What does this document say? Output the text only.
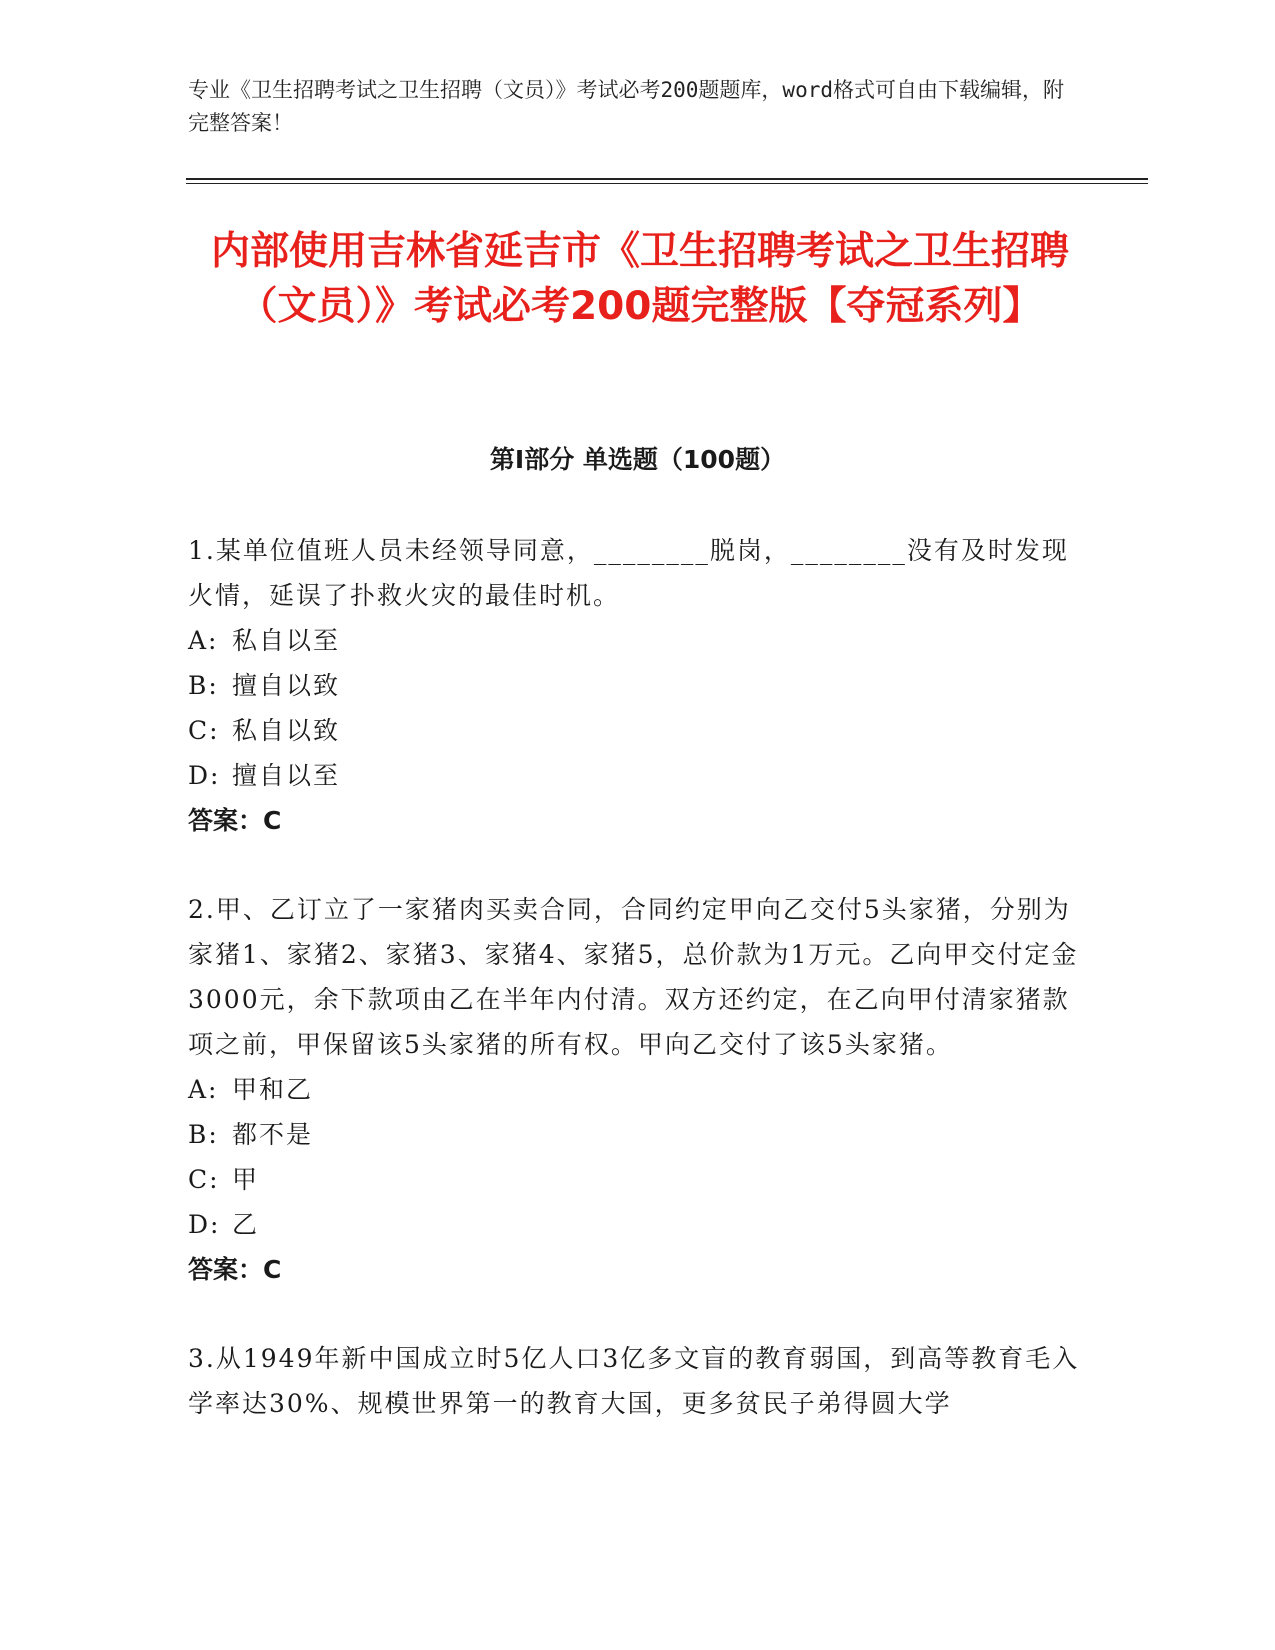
专业《卫生招聘考试之卫生招聘（文员）》考试必考200题题库，word格式可自由下载编辑，附完整答案！
内部使用吉林省延吉市《卫生招聘考试之卫生招聘（文员）》考试必考200题完整版【夺冠系列】
第I部分 单选题（100题）

1.某单位值班人员未经领导同意，________脱岗，________没有及时发现火情，延误了扑救火灾的最佳时机。

A: 私自以至

B: 擅自以致

C: 私自以致

D: 擅自以至

答案：C

2.甲、乙订立了一家猪肉买卖合同，合同约定甲向乙交付5头家猪，分别为家猪1、家猪2、家猪3、家猪4、家猪5，总价款为1万元。乙向甲交付定金3000元，余下款项由乙在半年内付清。双方还约定，在乙向甲付清家猪款项之前，甲保留该5头家猪的所有权。甲向乙交付了该5头家猪。

A: 甲和乙

B: 都不是

C: 甲

D: 乙

答案：C

3.从1949年新中国成立时5亿人口3亿多文盲的教育弱国，到高等教育毛入学率达30%、规模世界第一的教育大国，更多贫民子弟得圆大学
